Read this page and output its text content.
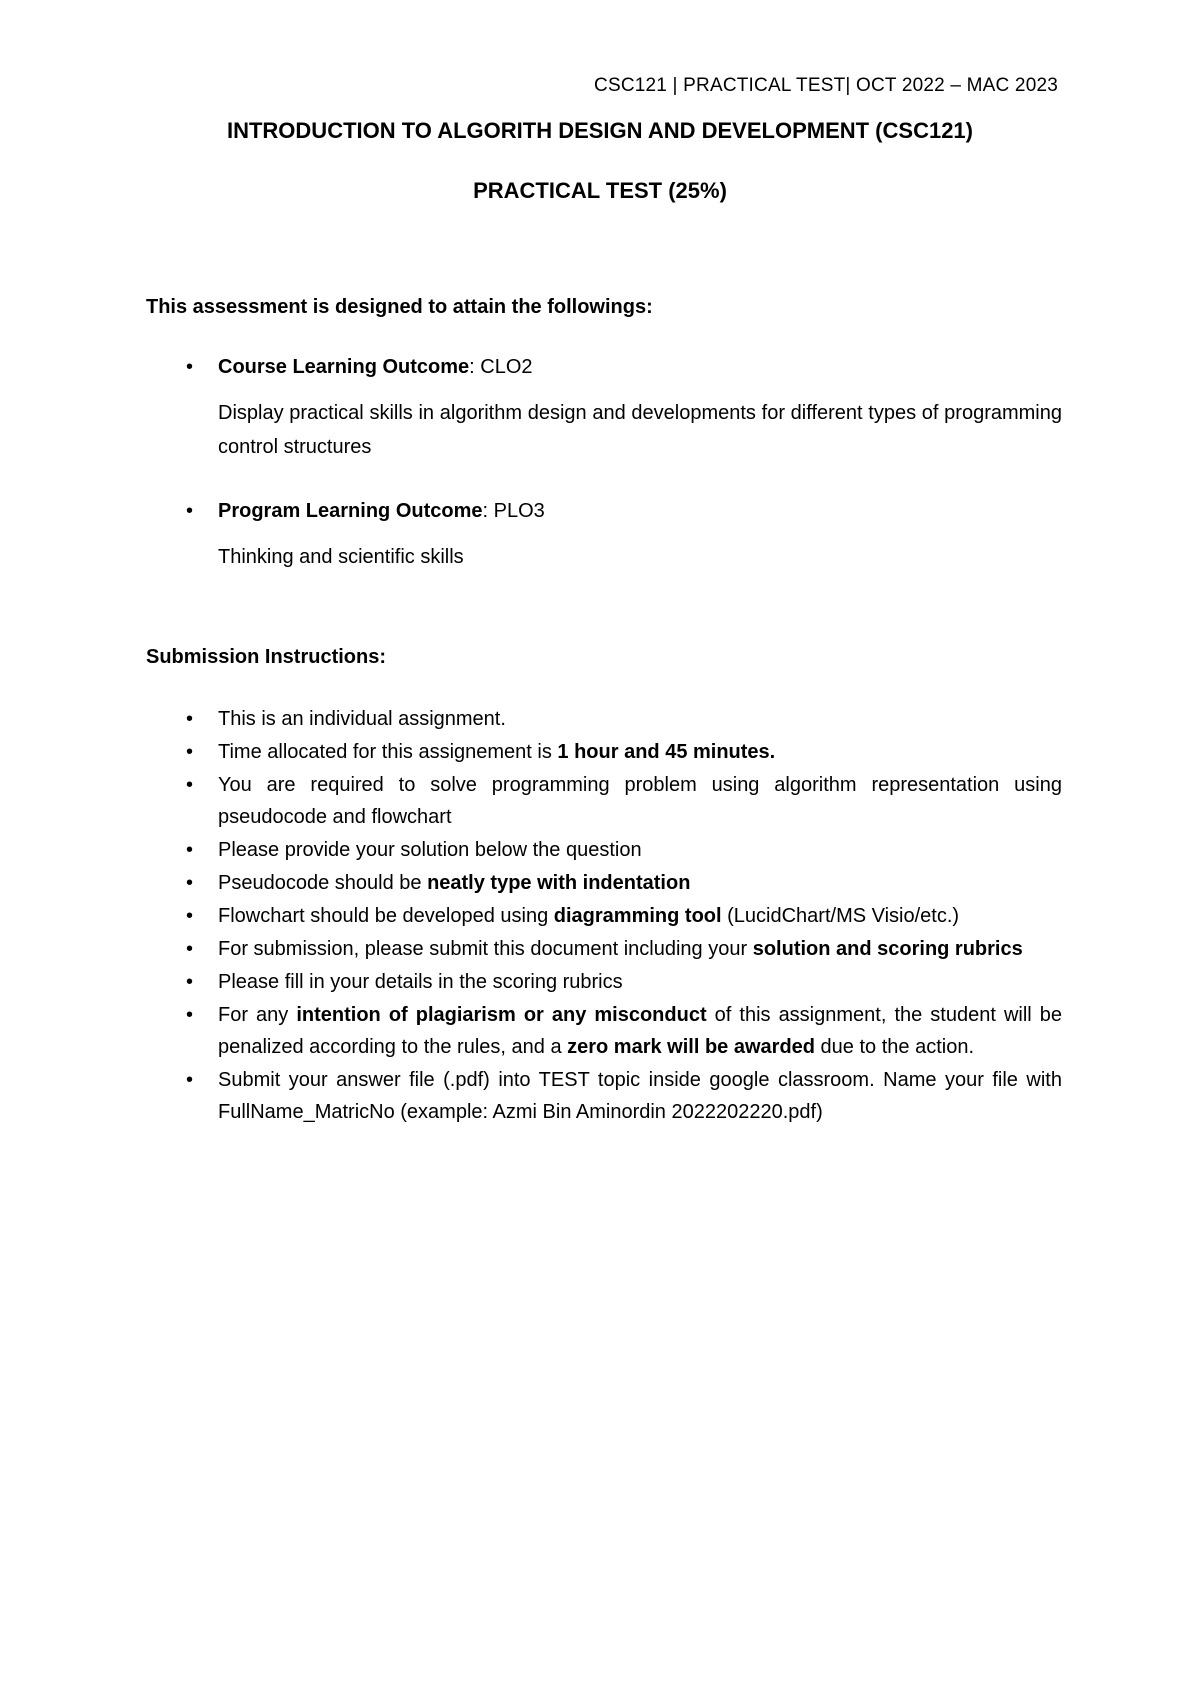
CSC121 | PRACTICAL TEST| OCT 2022 – MAC 2023
INTRODUCTION TO ALGORITH DESIGN AND DEVELOPMENT (CSC121)
PRACTICAL TEST (25%)
This assessment is designed to attain the followings:
• Course Learning Outcome: CLO2
Display practical skills in algorithm design and developments for different types of programming control structures
• Program Learning Outcome: PLO3
Thinking and scientific skills
Submission Instructions:
• This is an individual assignment.
• Time allocated for this assignement is 1 hour and 45 minutes.
• You are required to solve programming problem using algorithm representation using pseudocode and flowchart
• Please provide your solution below the question
• Pseudocode should be neatly type with indentation
• Flowchart should be developed using diagramming tool (LucidChart/MS Visio/etc.)
• For submission, please submit this document including your solution and scoring rubrics
• Please fill in your details in the scoring rubrics
• For any intention of plagiarism or any misconduct of this assignment, the student will be penalized according to the rules, and a zero mark will be awarded due to the action.
• Submit your answer file (.pdf) into TEST topic inside google classroom. Name your file with FullName_MatricNo (example: Azmi Bin Aminordin 2022202220.pdf)
